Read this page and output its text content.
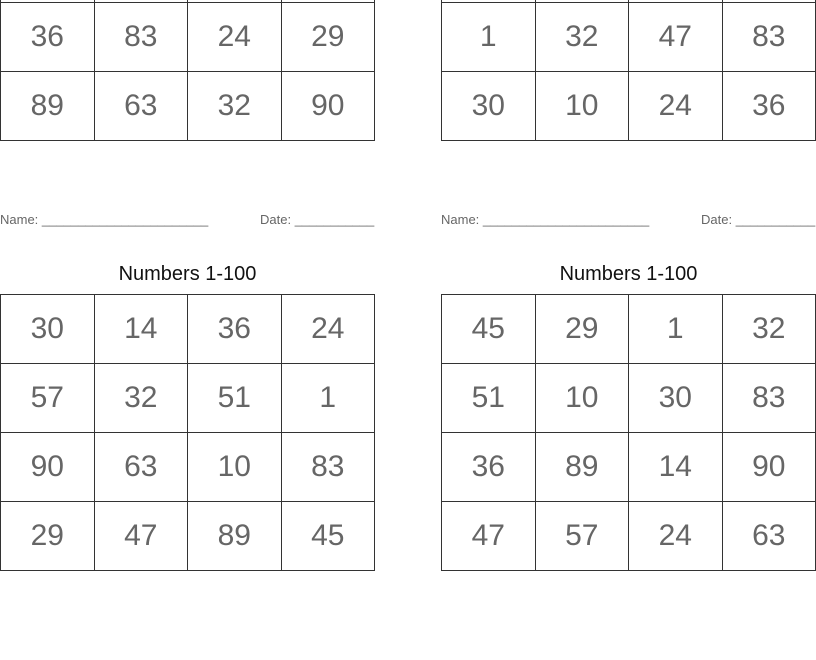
36	83	24	29
89	63	32	90

1	32	47	83
30	10	24	36
Name: _______________________	Date: ___________
Numbers 1-100
30	14	36	24
57	32	51	1
90	63	10	83
29	47	89	45
Name: _______________________	Date: ___________
Numbers 1-100
45	29	1	32
51	10	30	83
36	89	14	90
47	57	24	63
